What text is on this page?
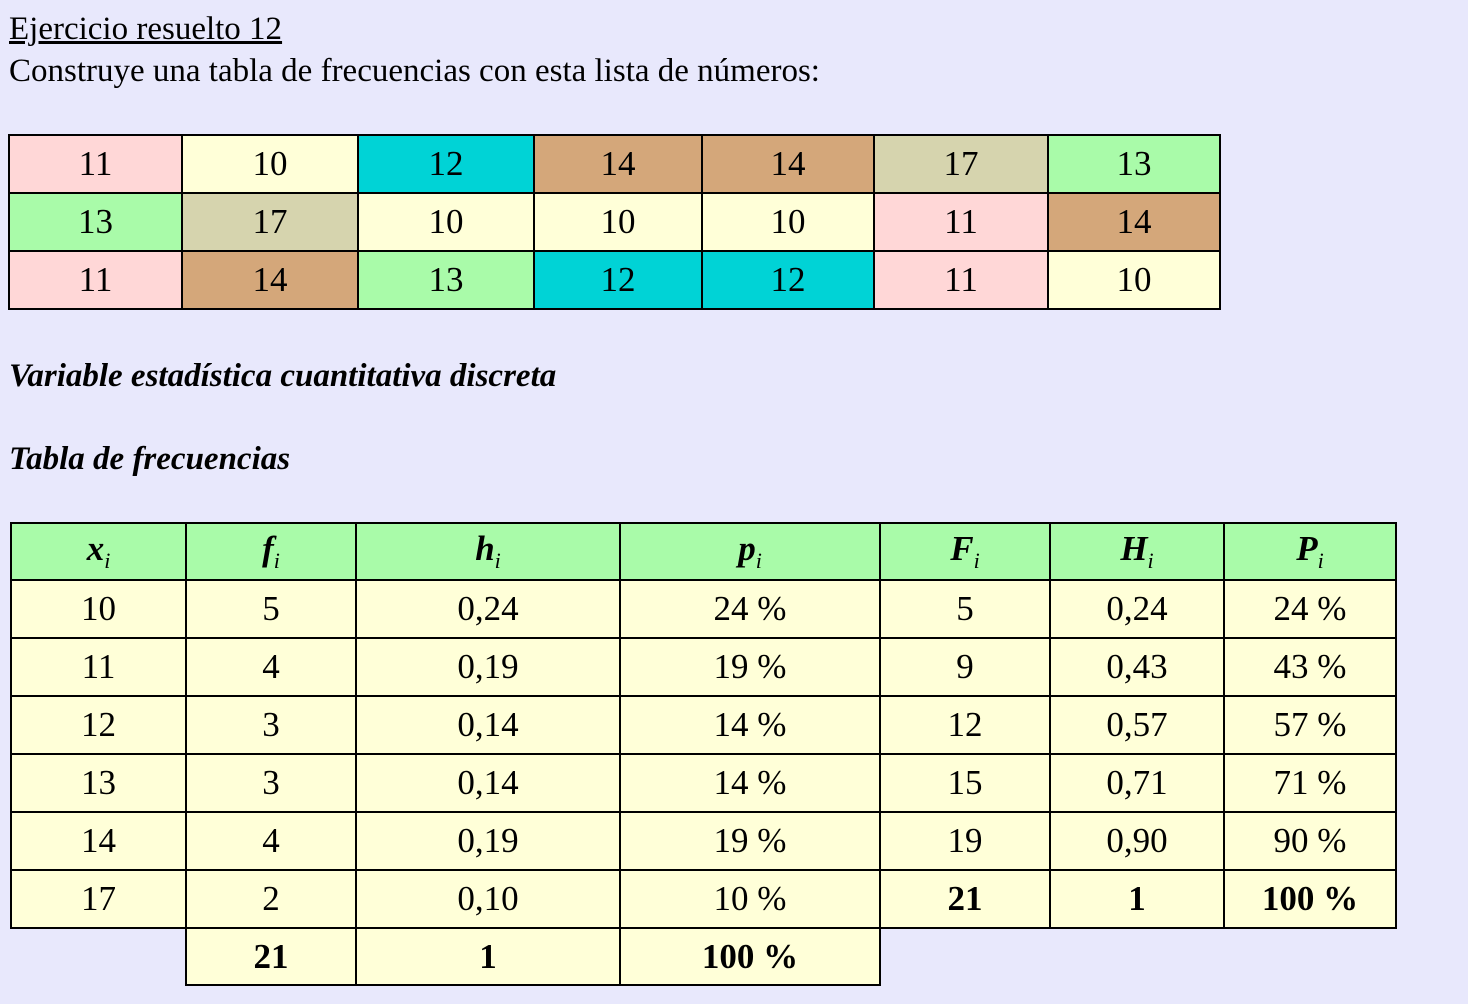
Ejercicio resuelto 12
Construye una tabla de frecuencias con esta lista de números:
11	10	12	14	14	17	13
13	17	10	10	10	11	14
11	14	13	12	12	11	10
Variable estadística cuantitativa discreta
Tabla de frecuencias
$x_i$	$f_i$	$h_i$	$p_i$	$F_i$	$H_i$	$P_i$
10	5	0,24	24 %	5	0,24	24 %
11	4	0,19	19 %	9	0,43	43 %
12	3	0,14	14 %	12	0,57	57 %
13	3	0,14	14 %	15	0,71	71 %
14	4	0,19	19 %	19	0,90	90 %
17	2	0,10	10 %	21	1	100 %
	21	1	100 %			
